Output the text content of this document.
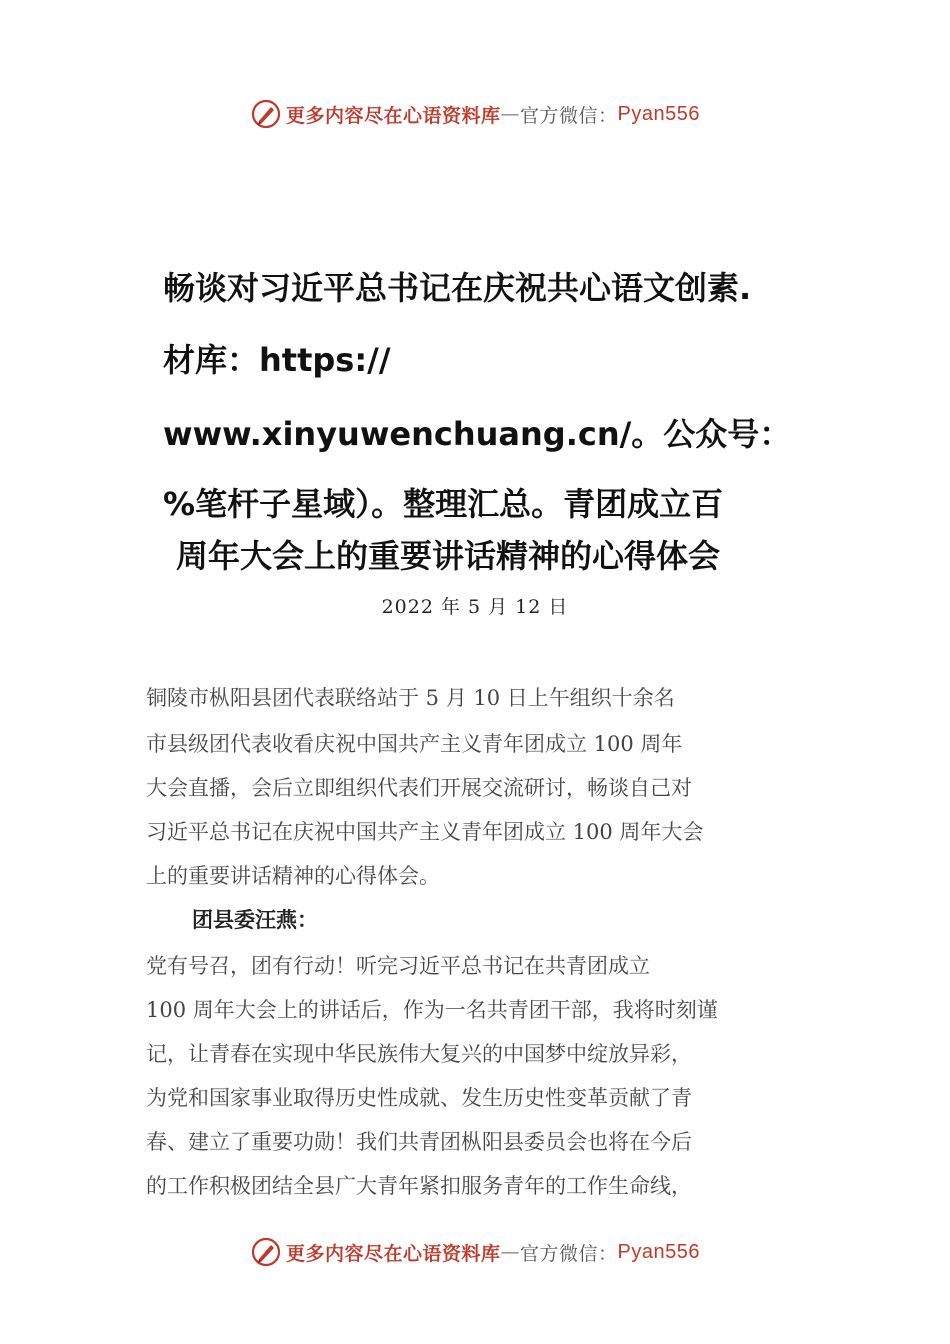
更多内容尽在心语资料库 — 官方微信： Pyan556
畅谈对习近平总书记在庆祝共心语文创素.
材库：https://
www.xinyuwenchuang.cn/。公众号：
%笔杆子星域）。整理汇总。青团成立百
周年大会上的重要讲话精神的心得体会
2022 年 5 月 12 日
铜陵市枞阳县团代表联络站于 5 月 10 日上午组织十余名
市县级团代表收看庆祝中国共产主义青年团成立 100 周年
大会直播，会后立即组织代表们开展交流研讨，畅谈自己对
习近平总书记在庆祝中国共产主义青年团成立 100 周年大会
上的重要讲话精神的心得体会。
团县委汪燕：
党有号召，团有行动！听完习近平总书记在共青团成立
100 周年大会上的讲话后，作为一名共青团干部，我将时刻谨
记，让青春在实现中华民族伟大复兴的中国梦中绽放异彩，
为党和国家事业取得历史性成就、发生历史性变革贡献了青
春、建立了重要功勋！我们共青团枞阳县委员会也将在今后
的工作积极团结全县广大青年紧扣服务青年的工作生命线，
更多内容尽在心语资料库 — 官方微信： Pyan556
